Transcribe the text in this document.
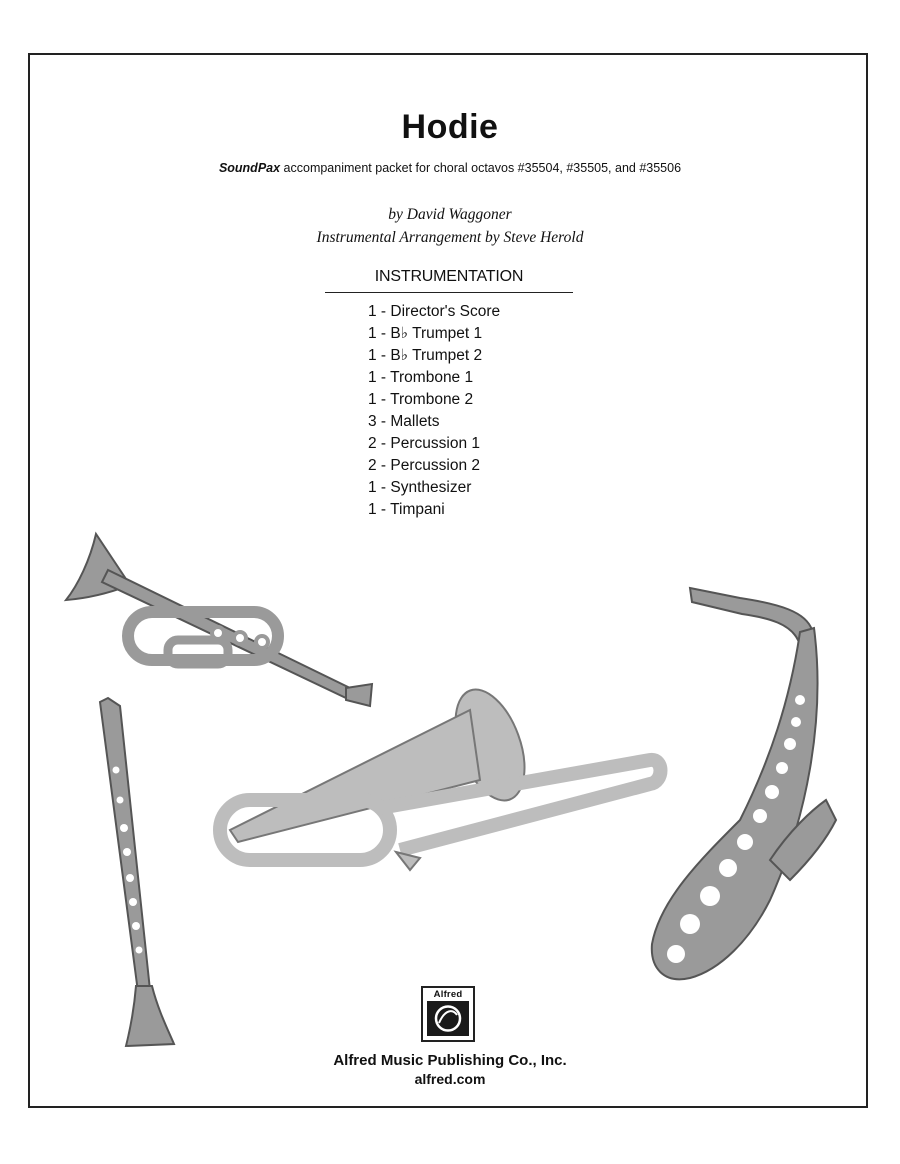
Hodie
SoundPax accompaniment packet for choral octavos #35504, #35505, and #35506
by David Waggoner
Instrumental Arrangement by Steve Herold
INSTRUMENTATION
1 - Director's Score
1 - B♭ Trumpet 1
1 - B♭ Trumpet 2
1 - Trombone 1
1 - Trombone 2
3 - Mallets
2 - Percussion 1
2 - Percussion 2
1 - Synthesizer
1 - Timpani
Alfred
Alfred Music Publishing Co., Inc.
alfred.com
